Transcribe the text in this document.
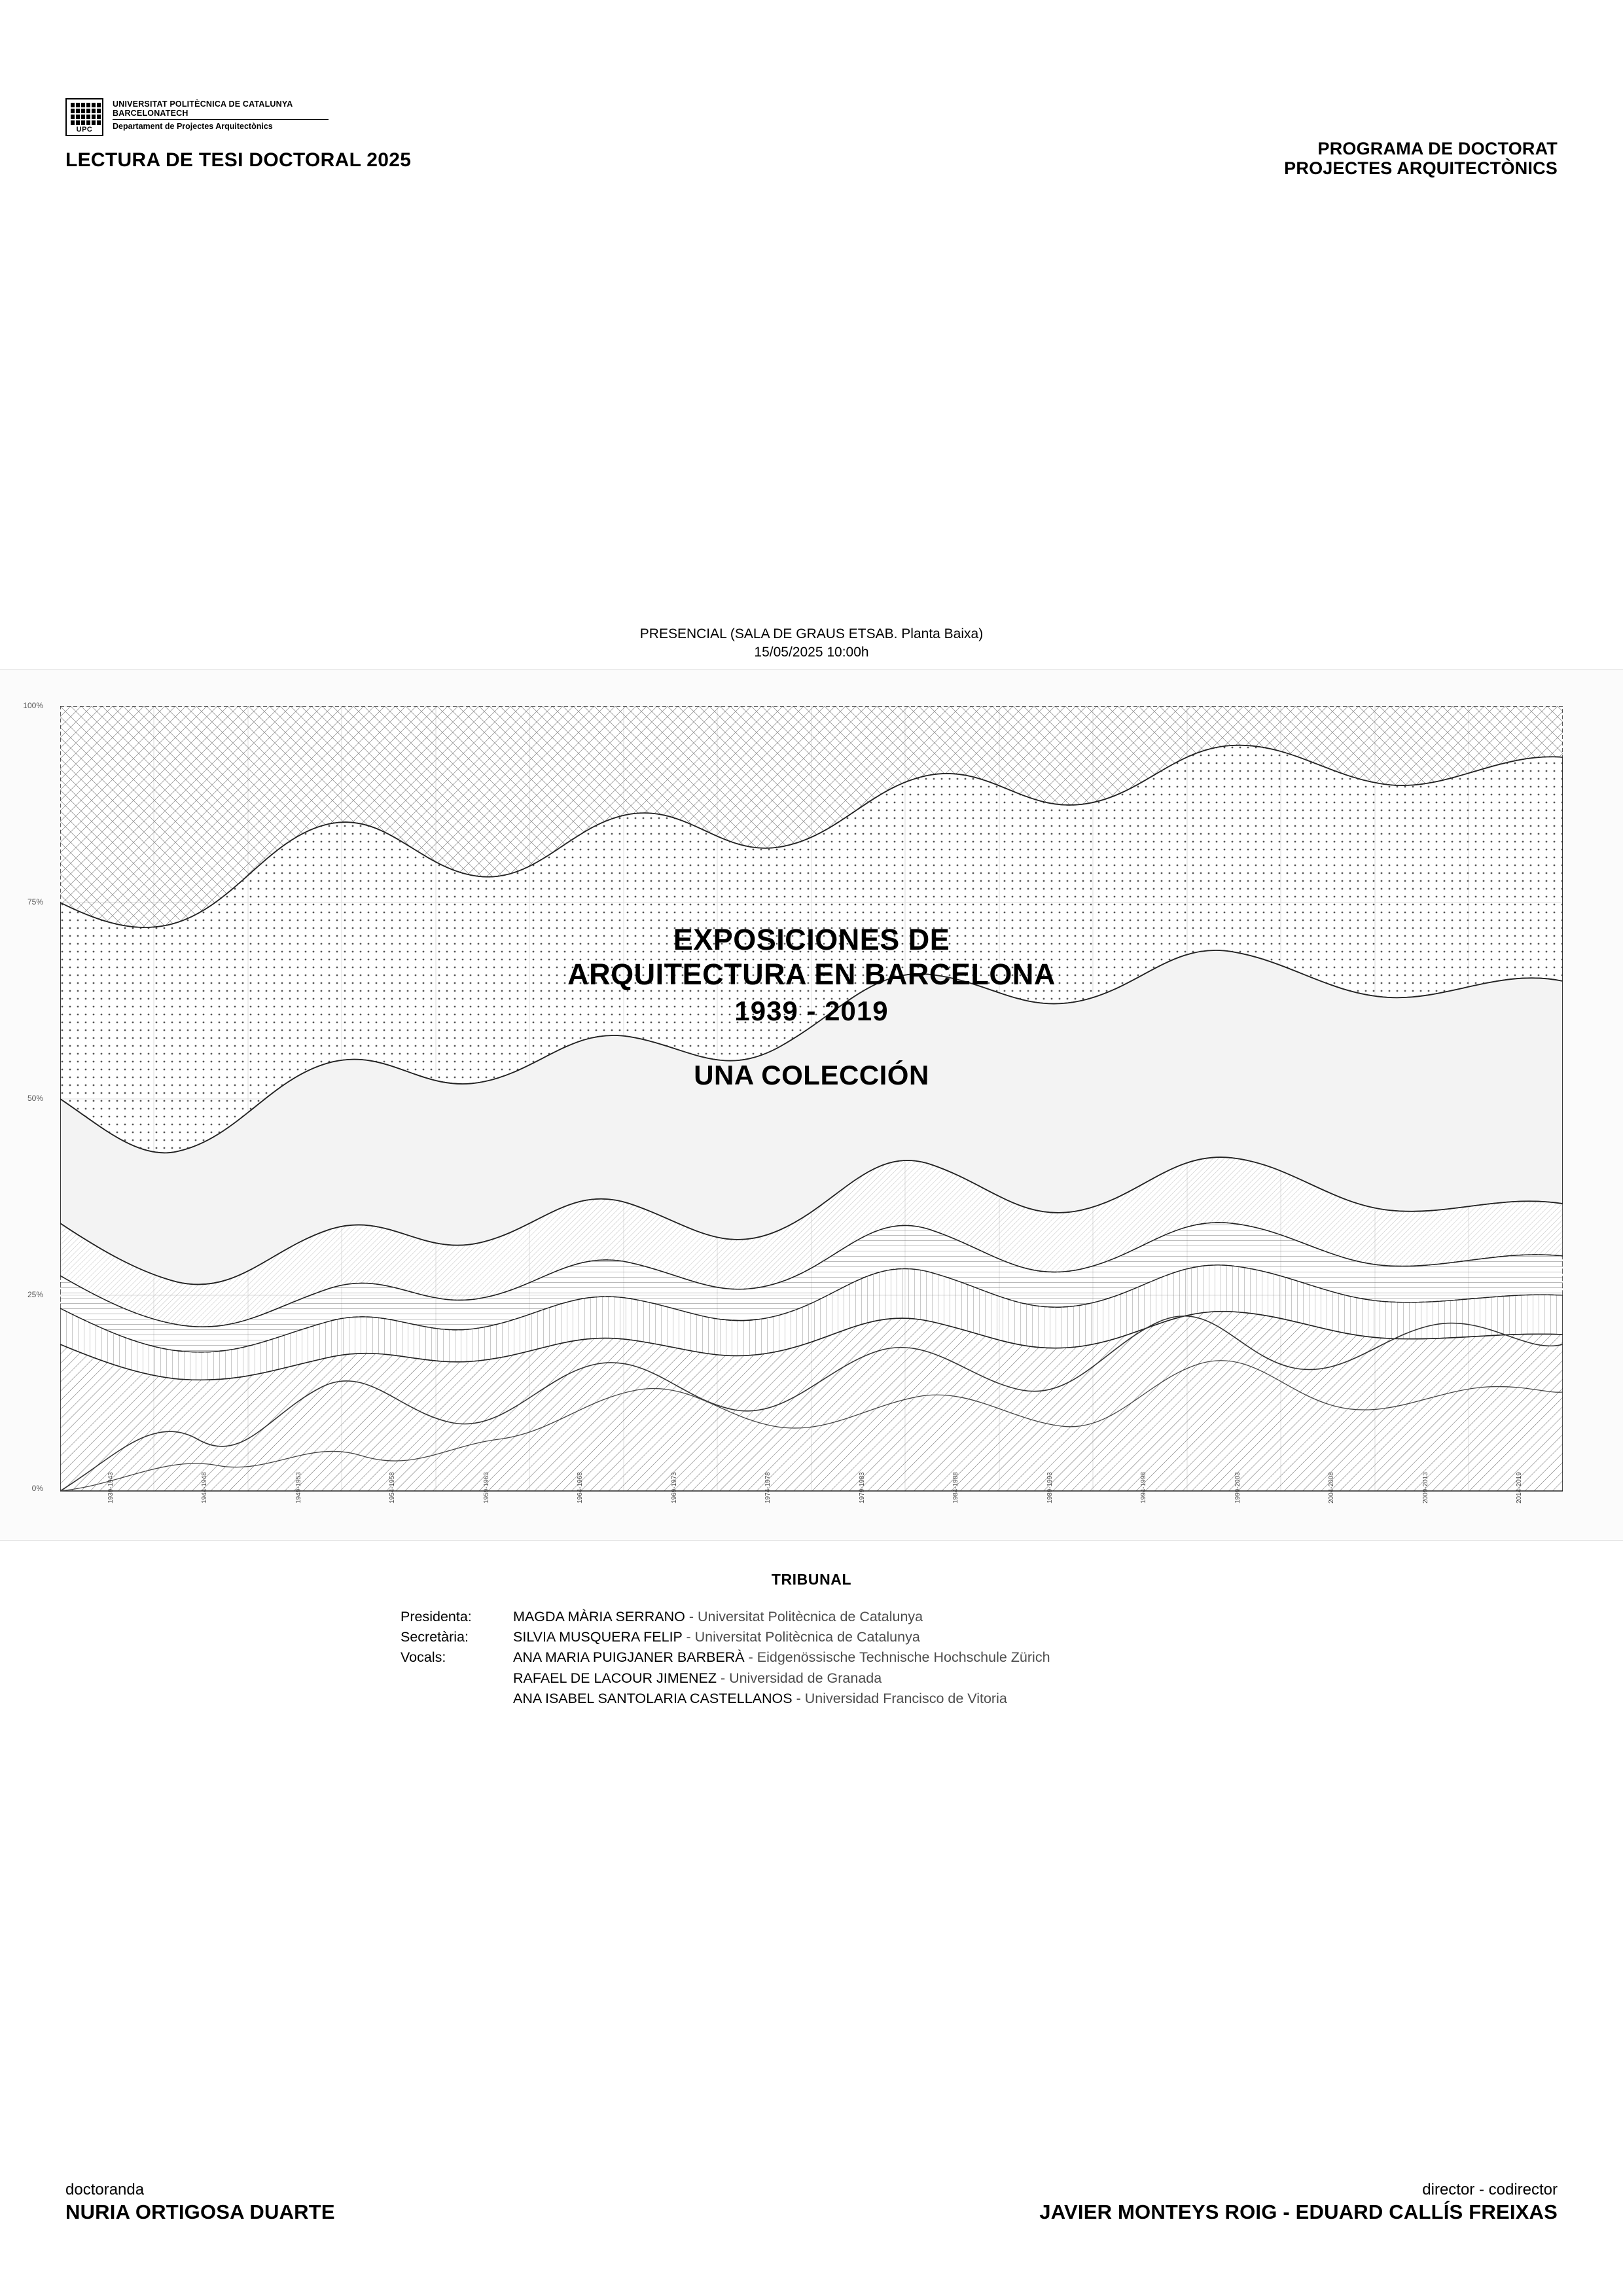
UPC
UNIVERSITAT POLITÈCNICA DE CATALUNYA
BARCELONATECH
Departament de Projectes Arquitectònics
LECTURA DE TESI DOCTORAL 2025
PROGRAMA DE DOCTORAT
PROJECTES ARQUITECTÒNICS
PRESENCIAL (SALA DE GRAUS ETSAB. Planta Baixa)
15/05/2025 10:00h
100%
75%
50%
25%
0%	1939-1943	1944-1948	1949-1953	1954-1958	1959-1963	1964-1968	1969-1973	1974-1978	1979-1983	1984-1988	1989-1993	1994-1998	1999-2003	2004-2008	2009-2013	2014-2019
EXPOSICIONES DE
ARQUITECTURA EN BARCELONA
1939 - 2019
UNA COLECCIÓN
TRIBUNAL
Presidenta:	MAGDA MÀRIA SERRANO - Universitat Politècnica de Catalunya
Secretària:	SILVIA MUSQUERA FELIP - Universitat Politècnica de Catalunya
Vocals:	ANA MARIA PUIGJANER BARBERÀ - Eidgenössische Technische Hochschule Zürich
RAFAEL DE LACOUR JIMENEZ - Universidad de Granada
ANA ISABEL SANTOLARIA CASTELLANOS - Universidad Francisco de Vitoria
doctoranda
NURIA ORTIGOSA DUARTE
director - codirector
JAVIER MONTEYS ROIG - EDUARD CALLÍS FREIXAS
